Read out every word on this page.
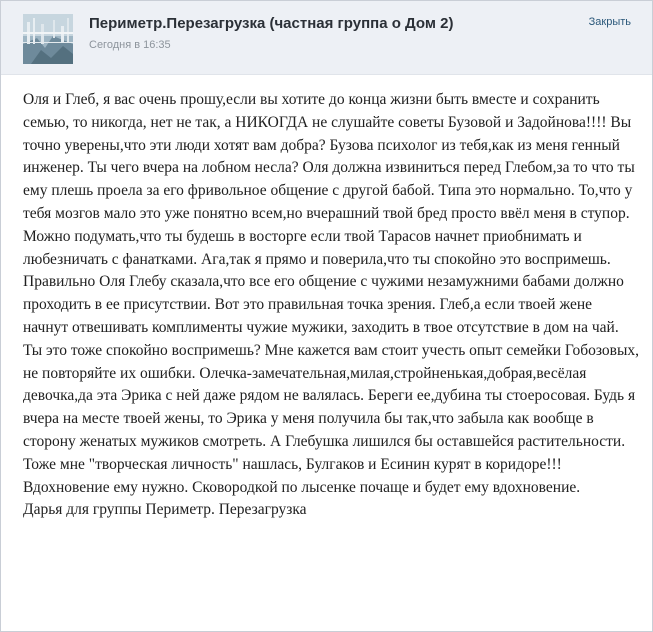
Периметр.Перезагрузка (частная группа о Дом 2)
Сегодня в 16:35
Закрыть

Оля и Глеб, я вас очень прошу,если вы хотите до конца жизни быть вместе и сохранить семью, то никогда, нет не так, а НИКОГДА не слушайте советы Бузовой и Задойнова!!!! Вы точно уверены,что эти люди хотят вам добра? Бузова психолог из тебя,как из меня генный инженер. Ты чего вчера на лобном несла? Оля должна извиниться перед Глебом,за то что ты ему плешь проела за его фривольное общение с другой бабой. Типа это нормально. То,что у тебя мозгов мало это уже понятно всем,но вчерашний твой бред просто ввёл меня в ступор. Можно подумать,что ты будешь в восторге если твой Тарасов начнет приобнимать и любезничать с фанатками. Ага,так я прямо и поверила,что ты спокойно это воспримешь. Правильно Оля Глебу сказала,что все его общение с чужими незамужними бабами должно проходить в ее присутствии. Вот это правильная точка зрения. Глеб,а если твоей жене начнут отвешивать комплименты чужие мужики, заходить в твое отсутствие в дом на чай. Ты это тоже спокойно воспримешь? Мне кажется вам стоит учесть опыт семейки Гобозовых, не повторяйте их ошибки. Олечка-замечательная,милая,стройненькая,добрая,весёлая девочка,да эта Эрика с ней даже рядом не валялась. Береги ее,дубина ты стоеросовая. Будь я вчера на месте твоей жены, то Эрика у меня получила бы так,что забыла как вообще в сторону женатых мужиков смотреть. А Глебушка лишился бы оставшейся растительности. Тоже мне "творческая личность" нашлась, Булгаков и Есинин курят в коридоре!!! Вдохновение ему нужно. Сковородкой по лысенке почаще и будет ему вдохновение.

Дарья для группы Периметр. Перезагрузка
